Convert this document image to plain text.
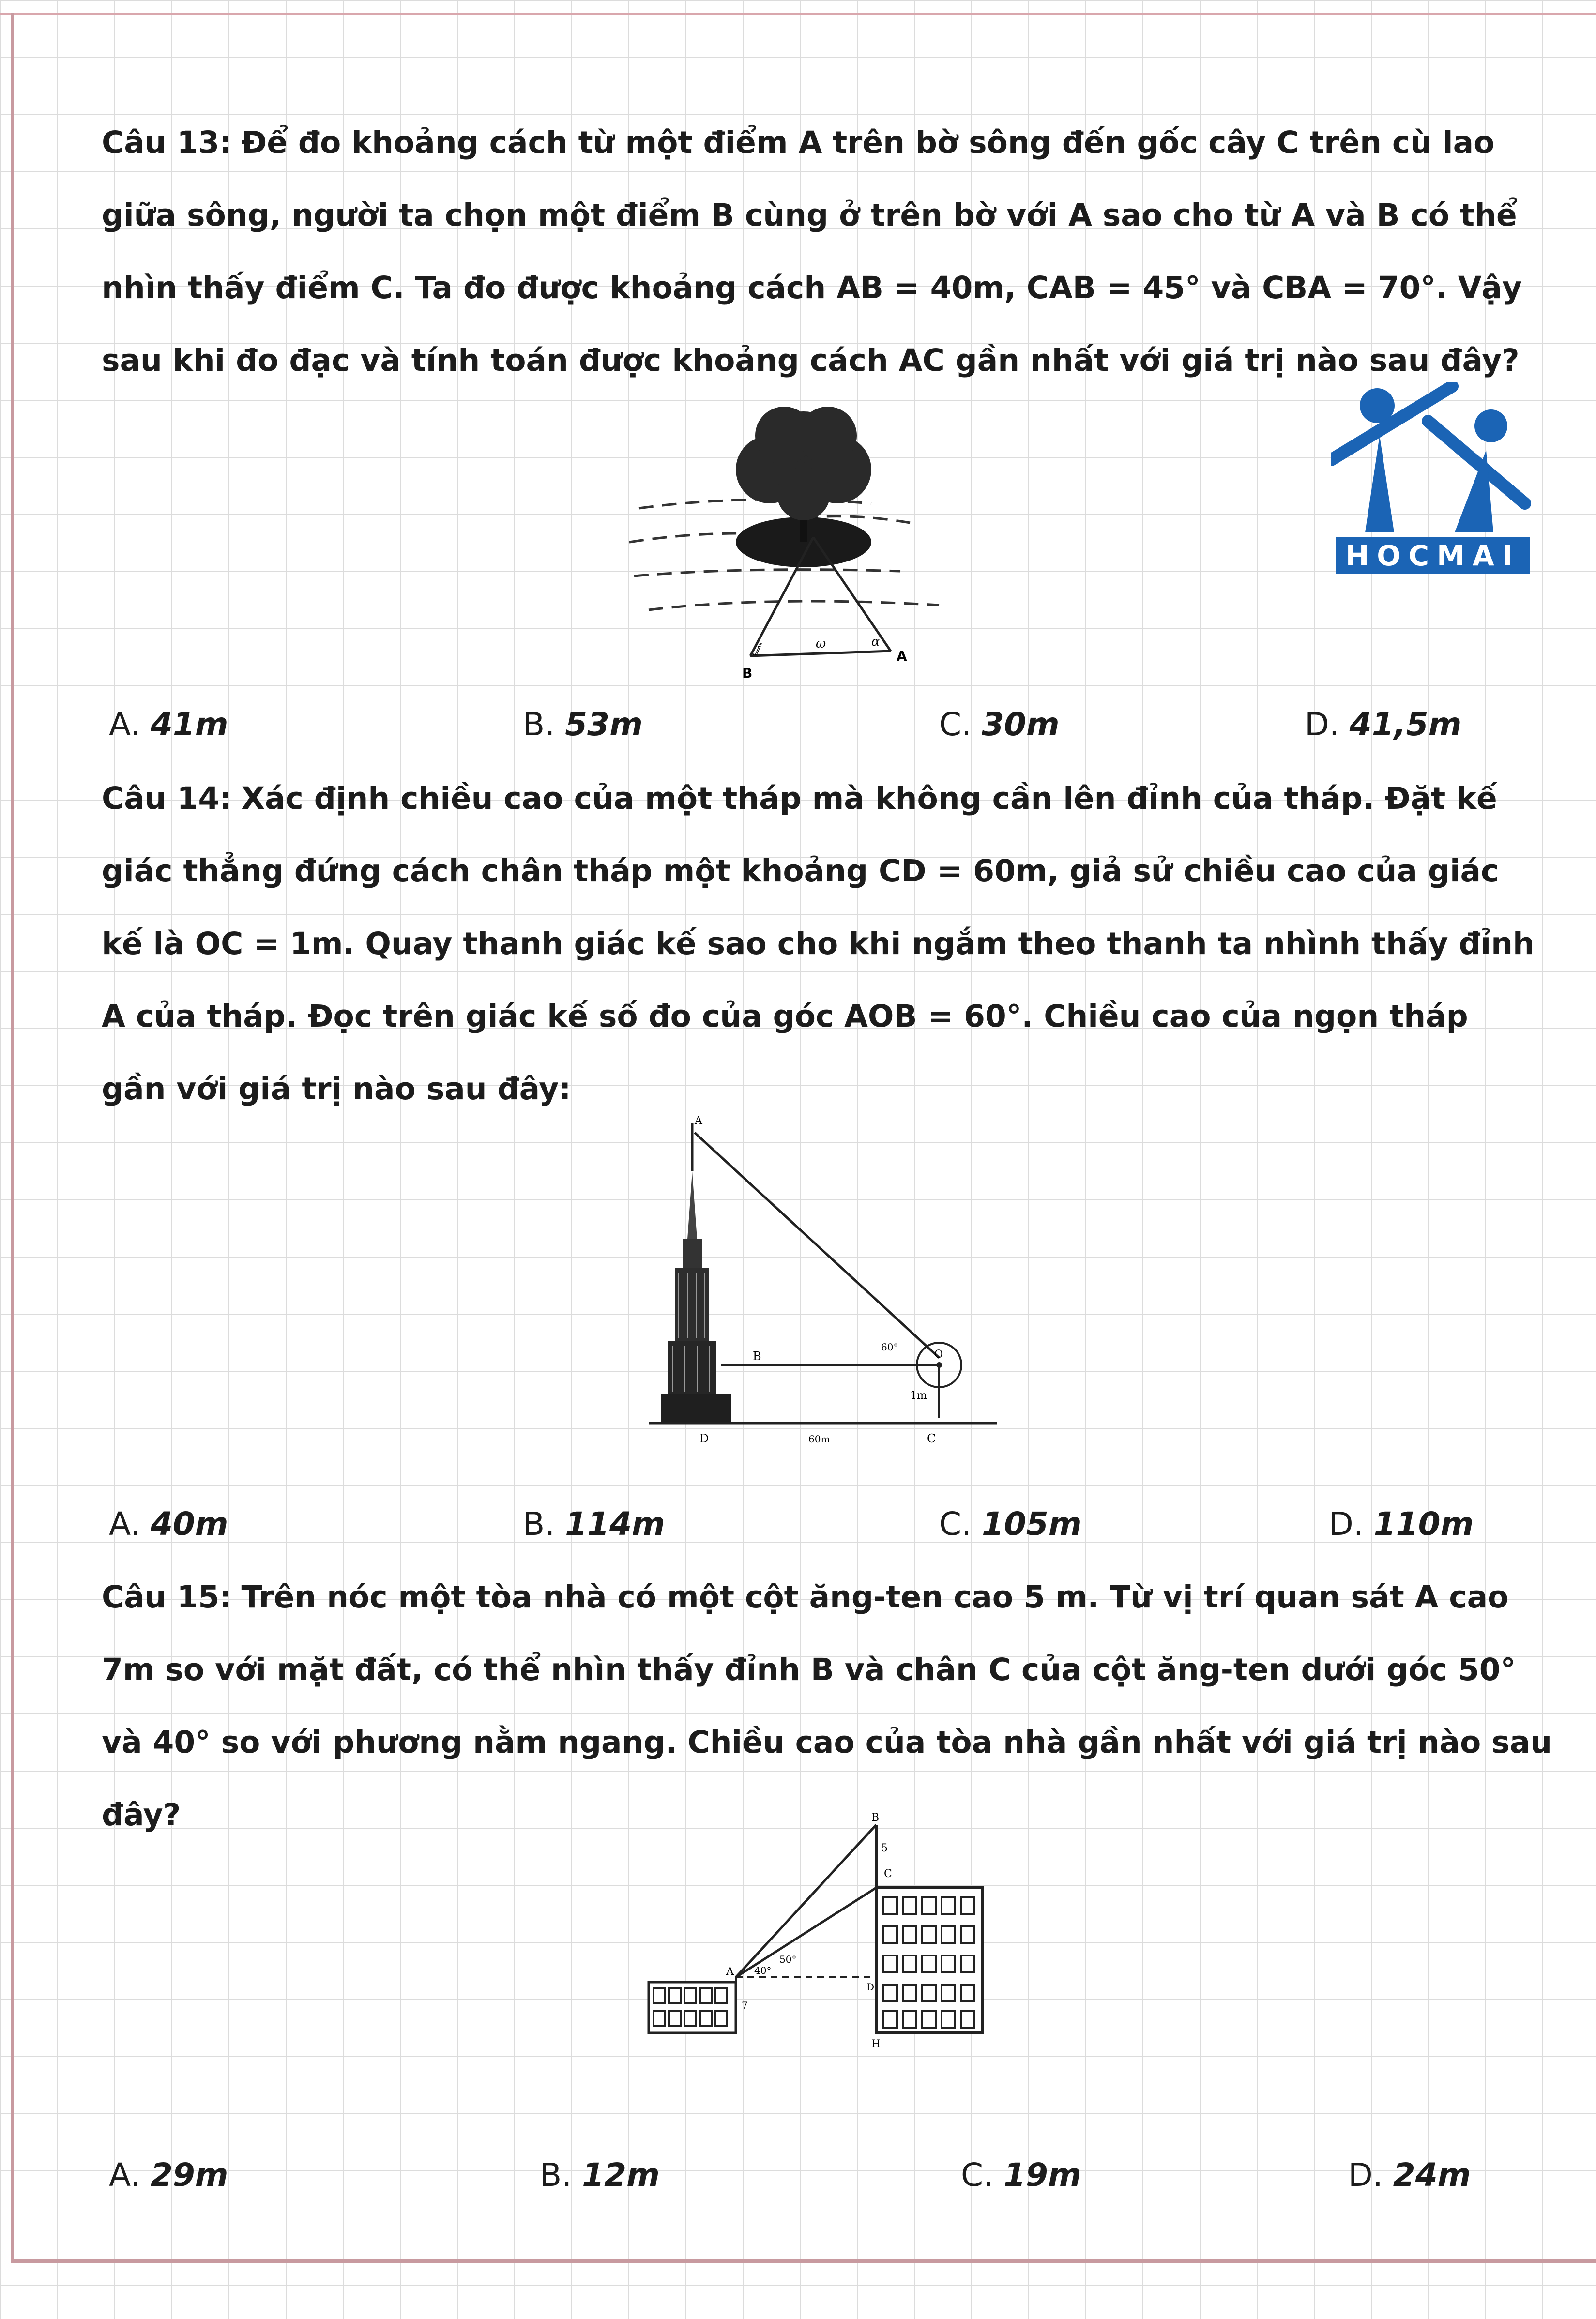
Câu 13: Để đo khoảng cách từ một điểm A trên bờ sông đến gốc cây C trên cù lao giữa sông, người ta chọn một điểm B cùng ở trên bờ với A sao cho từ A và B có thể nhìn thấy điểm C. Ta đo được khoảng cách AB = 40m, CAB = 45° và CBA = 70°. Vậy sau khi đo đạc và tính toán được khoảng cách AC gần nhất với giá trị nào sau đây?

HOCMAI
ⅉ	α
ω
B
A
A. 41m	B. 53m	C. 30m	D. 41,5m

Câu 14: Xác định chiều cao của một tháp mà không cần lên đỉnh của tháp. Đặt kế giác thẳng đứng cách chân tháp một khoảng CD = 60m, giả sử chiều cao của giác kế là OC = 1m. Quay thanh giác kế sao cho khi ngắm theo thanh ta nhình thấy đỉnh A của tháp. Đọc trên giác kế số đo của góc AOB = 60°. Chiều cao của ngọn tháp gần với giá trị nào sau đây:

A
B	O
60°
1m
D	60m	C
A. 40m	B. 114m	C. 105m	D. 110m

Câu 15: Trên nóc một tòa nhà có một cột ăng-ten cao 5 m. Từ vị trí quan sát A cao 7m so với mặt đất, có thể nhìn thấy đỉnh B và chân C của cột ăng-ten dưới góc 50° và 40° so với phương nằm ngang. Chiều cao của tòa nhà gần nhất với giá trị nào sau đây?	B
5
C
A 40°
50°
D
7
H
A. 29m	B. 12m	C. 19m	D. 24m
